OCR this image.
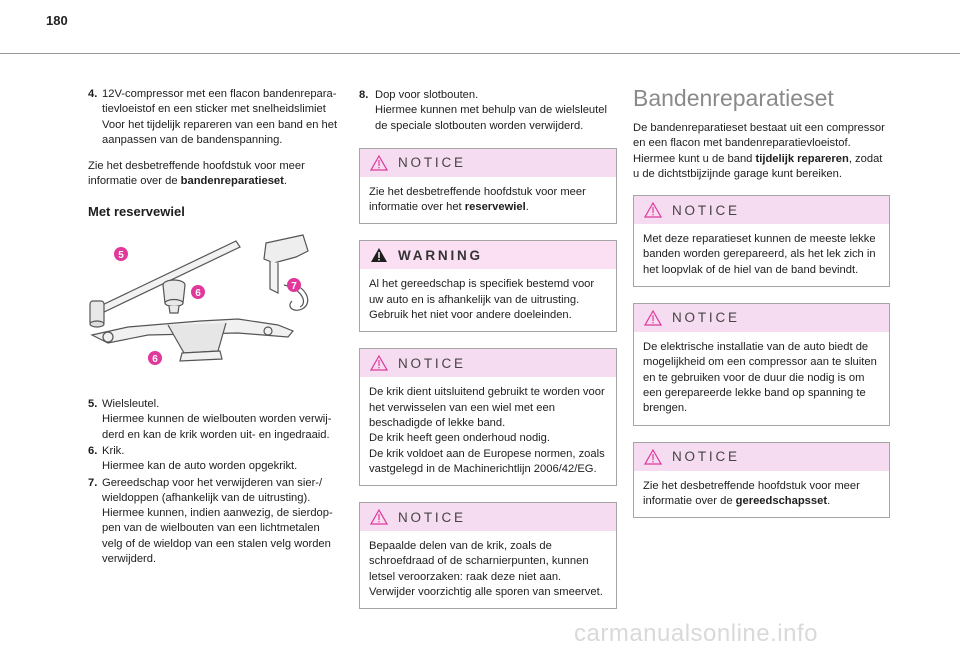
180
4. 12V-compressor met een flacon bandenrepara-tievloeistof en een sticker met snelheidslimiet Voor het tijdelijk repareren van een band en het aanpassen van de bandenspanning.

Zie het desbetreffende hoofdstuk voor meer informatie over de bandenreparatieset.

Met reservewiel
5
6
7
6
5. Wielsleutel.

Hiermee kunnen de wielbouten worden verwij-derd en kan de krik worden uit- en ingedraaid.

6. Krik.

Hiermee kan de auto worden opgekrikt.

7. Gereedschap voor het verwijderen van sier-/ wieldoppen (afhankelijk van de uitrusting).

Hiermee kunnen, indien aanwezig, de sierdop-pen van de wielbouten van een lichtmetalen velg of de wieldop van een stalen velg worden verwijderd.

8. Dop voor slotbouten.

Hiermee kunnen met behulp van de wielsleutel de speciale slotbouten worden verwijderd.

NOTICE

Zie het desbetreffende hoofdstuk voor meer informatie over het reservewiel.

WARNING

Al het gereedschap is specifiek bestemd voor uw auto en is afhankelijk van de uitrusting. Gebruik het niet voor andere doeleinden.

NOTICE

De krik dient uitsluitend gebruikt te worden voor het verwisselen van een wiel met een beschadigde of lekke band.

De krik heeft geen onderhoud nodig.

De krik voldoet aan de Europese normen, zoals vastgelegd in de Machinerichtlijn 2006/42/EG.

NOTICE

Bepaalde delen van de krik, zoals de schroefdraad of de scharnierpunten, kunnen letsel veroorzaken: raak deze niet aan.

Verwijder voorzichtig alle sporen van smeervet.

Bandenreparatieset

De bandenreparatieset bestaat uit een compressor en een flacon met bandenreparatievloeistof. Hiermee kunt u de band tijdelijk repareren, zodat u de dichtstbijzijnde garage kunt bereiken.

NOTICE

Met deze reparatieset kunnen de meeste lekke banden worden gerepareerd, als het lek zich in het loopvlak of de hiel van de band bevindt.

NOTICE

De elektrische installatie van de auto biedt de mogelijkheid om een compressor aan te sluiten en te gebruiken voor de duur die nodig is om een gerepareerde lekke band op spanning te brengen.

NOTICE

Zie het desbetreffende hoofdstuk voor meer informatie over de gereedschapsset.

carmanualsonline.info
